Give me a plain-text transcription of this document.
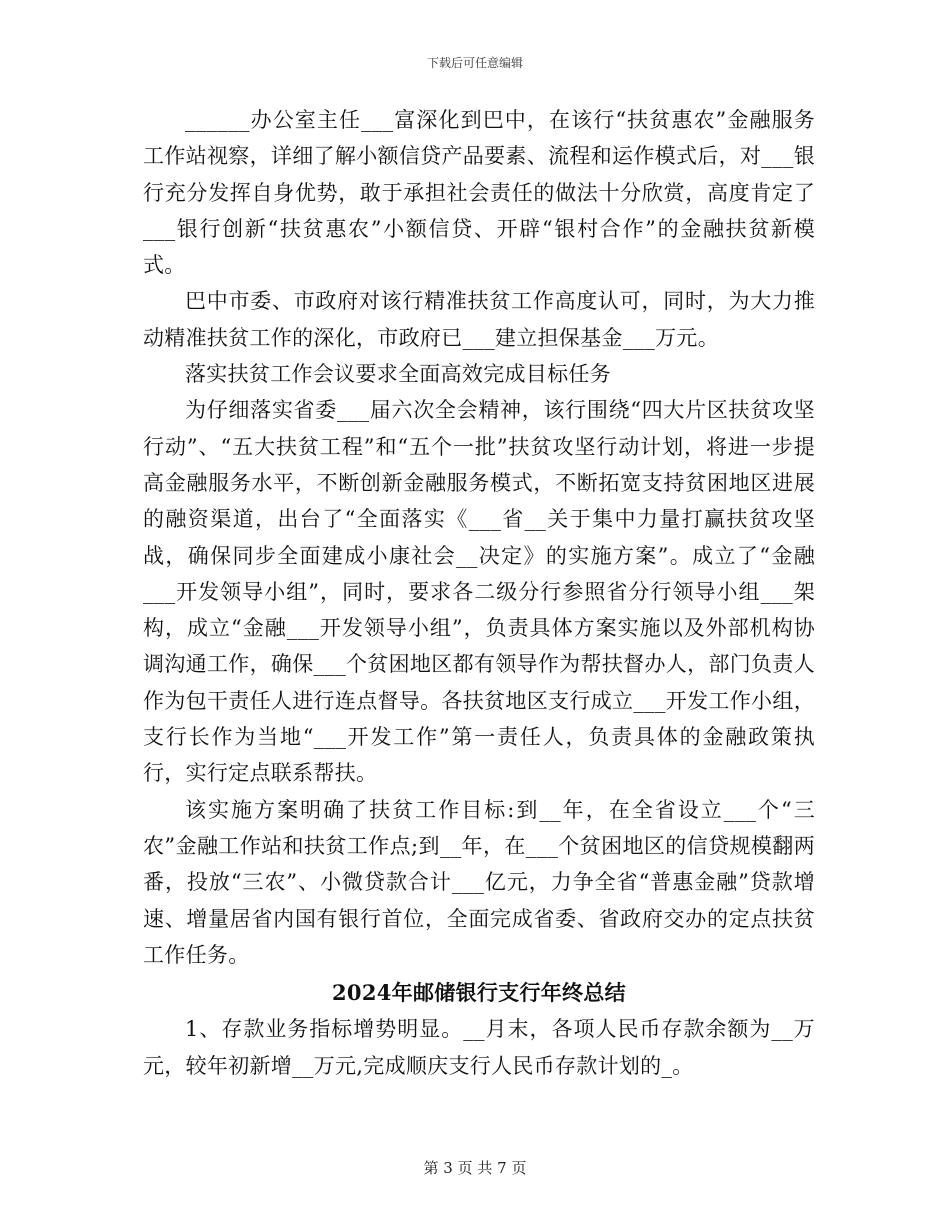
下载后可任意编辑

______办公室主任___富深化到巴中，在该行“扶贫惠农”金融服务工作站视察，详细了解小额信贷产品要素、流程和运作模式后，对___银行充分发挥自身优势，敢于承担社会责任的做法十分欣赏，高度肯定了___银行创新“扶贫惠农”小额信贷、开辟“银村合作”的金融扶贫新模式。

巴中市委、市政府对该行精准扶贫工作高度认可，同时，为大力推动精准扶贫工作的深化，市政府已___建立担保基金___万元。

落实扶贫工作会议要求全面高效完成目标任务

为仔细落实省委___届六次全会精神，该行围绕“四大片区扶贫攻坚行动”、“五大扶贫工程”和“五个一批”扶贫攻坚行动计划，将进一步提高金融服务水平，不断创新金融服务模式，不断拓宽支持贫困地区进展的融资渠道，出台了“全面落实《___省__关于集中力量打赢扶贫攻坚战，确保同步全面建成小康社会__决定》的实施方案”。成立了“金融___开发领导小组”，同时，要求各二级分行参照省分行领导小组___架构，成立“金融___开发领导小组”，负责具体方案实施以及外部机构协调沟通工作，确保___个贫困地区都有领导作为帮扶督办人，部门负责人作为包干责任人进行连点督导。各扶贫地区支行成立___开发工作小组，支行长作为当地“___开发工作”第一责任人，负责具体的金融政策执行，实行定点联系帮扶。

该实施方案明确了扶贫工作目标:到__年，在全省设立___个“三农”金融工作站和扶贫工作点;到__年，在___个贫困地区的信贷规模翻两番，投放“三农”、小微贷款合计___亿元，力争全省“普惠金融”贷款增速、增量居省内国有银行首位，全面完成省委、省政府交办的定点扶贫工作任务。

2024年邮储银行支行年终总结

1、存款业务指标增势明显。__月末，各项人民币存款余额为__万元，较年初新增__万元,完成顺庆支行人民币存款计划的_。

第 3 页 共 7 页
